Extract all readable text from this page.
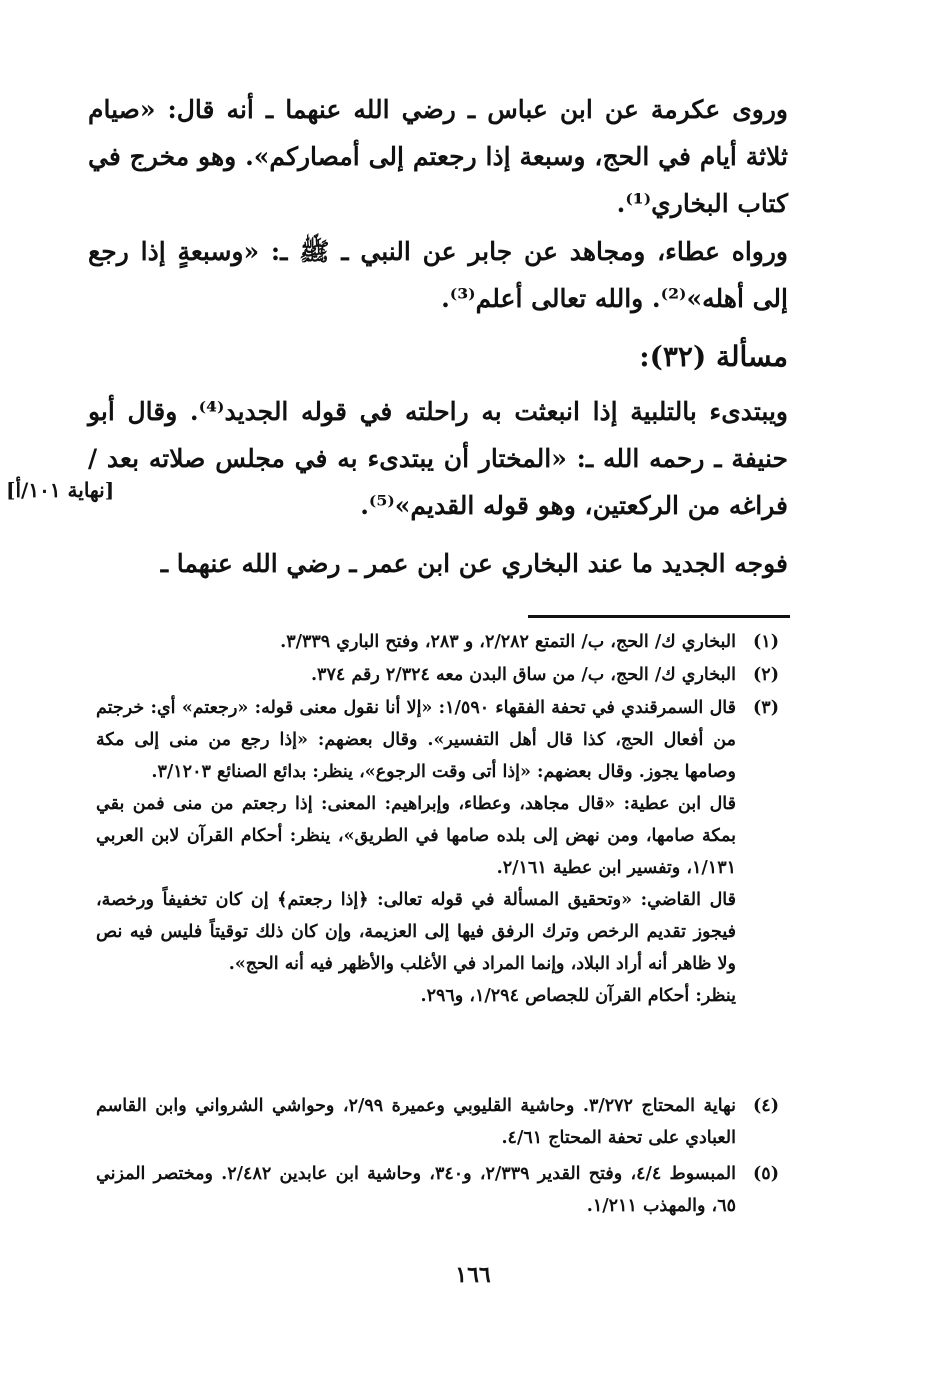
وروى عكرمة عن ابن عباس ـ رضي الله عنهما ـ أنه قال: «صيام ثلاثة أيام في الحج، وسبعة إذا رجعتم إلى أمصاركم». وهو مخرج في كتاب البخاري⁽¹⁾.

ورواه عطاء، ومجاهد عن جابر عن النبي ـ ﷺ ـ: «وسبعةٍ إذا رجع إلى أهله»⁽²⁾. والله تعالى أعلم⁽³⁾.

مسألة (٣٢):

ويبتدىء بالتلبية إذا انبعثت به راحلته في قوله الجديد⁽⁴⁾. وقال أبو حنيفة ـ رحمه الله ـ: «المختار أن يبتدىء به في مجلس صلاته بعد / فراغه من الركعتين، وهو قوله القديم»⁽⁵⁾.

[نهاية ١٠١/أ]

فوجه الجديد ما عند البخاري عن ابن عمر ـ رضي الله عنهما ـ

(١)
البخاري ك/ الحج، ب/ التمتع ٢/٢٨٢، و ٢٨٣، وفتح الباري ٣/٣٣٩.
(٢)
البخاري ك/ الحج، ب/ من ساق البدن معه ٢/٣٢٤ رقم ٣٧٤.
(٣)
قال السمرقندي في تحفة الفقهاء ١/٥٩٠: «إلا أنا نقول معنى قوله: «رجعتم» أي: خرجتم من أفعال الحج، كذا قال أهل التفسير». وقال بعضهم: «إذا رجع من منى إلى مكة وصامها يجوز. وقال بعضهم: «إذا أتى وقت الرجوع»، ينظر: بدائع الصنائع ٣/١٢٠٣.
قال ابن عطية: «قال مجاهد، وعطاء، وإبراهيم: المعنى: إذا رجعتم من منى فمن بقي بمكة صامها، ومن نهض إلى بلده صامها في الطريق»، ينظر: أحكام القرآن لابن العربي ١/١٣١، وتفسير ابن عطية ٢/١٦١.
قال القاضي: «وتحقيق المسألة في قوله تعالى: ﴿إذا رجعتم﴾ إن كان تخفيفاً ورخصة، فيجوز تقديم الرخص وترك الرفق فيها إلى العزيمة، وإن كان ذلك توقيتاً فليس فيه نص ولا ظاهر أنه أراد البلاد، وإنما المراد في الأغلب والأظهر فيه أنه الحج».
ينظر: أحكام القرآن للجصاص ١/٢٩٤، و٢٩٦.
(٤)
نهاية المحتاج ٣/٢٧٢. وحاشية القليوبي وعميرة ٢/٩٩، وحواشي الشرواني وابن القاسم العبادي على تحفة المحتاج ٤/٦١.
(٥)
المبسوط ٤/٤، وفتح القدير ٢/٣٣٩، و٣٤٠، وحاشية ابن عابدين ٢/٤٨٢. ومختصر المزني ٦٥، والمهذب ١/٢١١.
١٦٦
